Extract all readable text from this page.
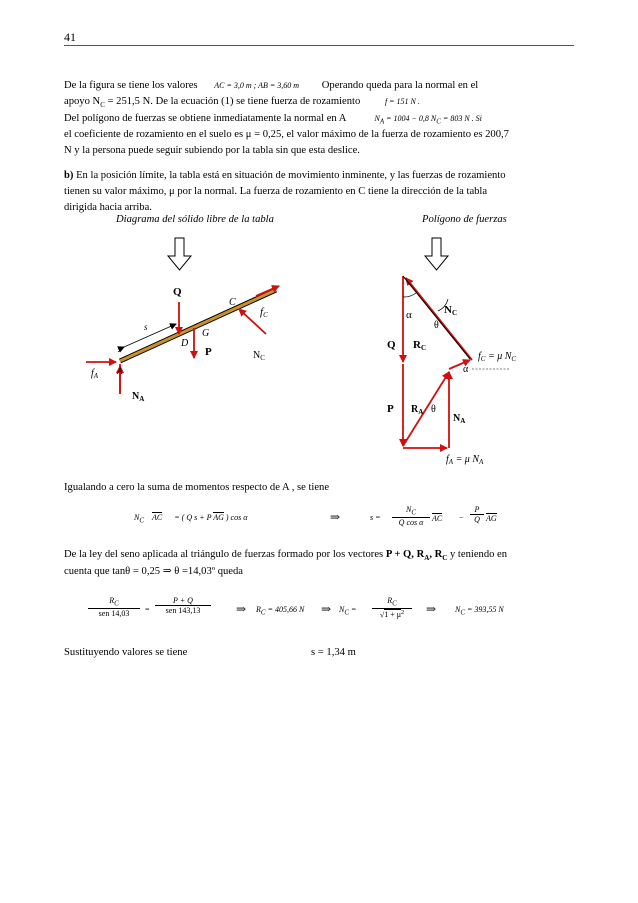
41
De la figura se tiene los valores AC = 3,0 m ; AB = 3,60 m Operando queda para la normal en el
apoyo $N_C = 251,5$ N. De la ecuación (1) se tiene fuerza de rozamiento	f = 151 N .
Del polígono de fuerzas se obtiene inmediatamente la normal en A	$N_A = 1004 - 0,8$ $N_C = 803$ N . Si
el coeficiente de rozamiento en el suelo es μ = 0,25, el valor máximo de la fuerza de rozamiento es 200,7
N y la persona puede seguir subiendo por la tabla sin que esta deslice.
b) En la posición límite, la tabla está en situación de movimiento inminente, y las fuerzas de rozamiento
tienen su valor máximo, μ por la normal. La fuerza de rozamiento en C tiene la dirección de la tabla
dirigida hacia arriba.
Diagrama del sólido libre de la tabla	Polígono de fuerzas
Q
C
fC
s
G
D
P	$N_C$
$f_A$ A
$N_A$
α	NC
θ
Q RC
$f_C = \mu$ $N_C$
α
P $R_A$ θ
$N_A$
$f_A = \mu$ $N_A$
Igualando a cero la suma de momentos respecto de A , se tiene
$N_C$ AC = ( Q s + P AG ) cos α	⇒	s =
$N_C$
Q cos α	AC − $\frac{P}{Q}$ AG
De la ley del seno aplicada al triángulo de fuerzas formado por los vectores P + Q, $R_A$, $R_C$ y teniendo en
cuenta que tanθ = 0,25 ⇒ θ =14,03º queda
$R_C$
sen 14,03	=
P + Q
sen 143,13	⇒ $R_C = 405,66$ N ⇒ $N_C$ =
$R_C$
$√1 + \mu^2$	⇒ $N_C = 393,55$ N
Sustituyendo valores se tiene	s = 1,34 m
